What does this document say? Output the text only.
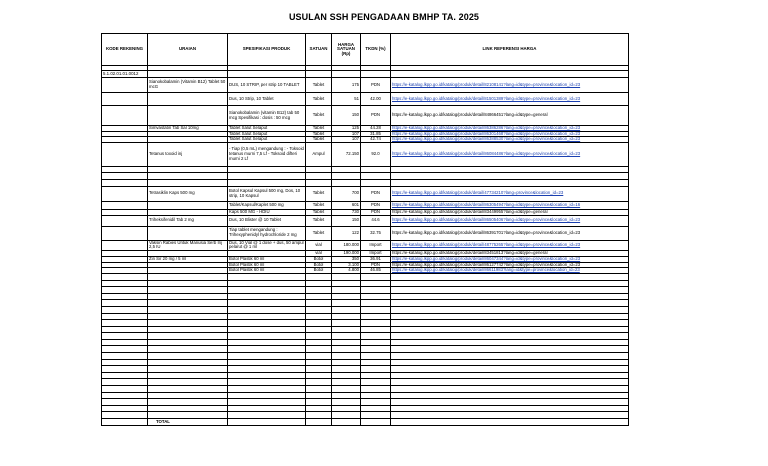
USULAN SSH PENGADAAN BMHP TA. 2025
KODE REKENING	URAIAN	SPESIFIKASI PRODUK	SATUAN	HARGA SATUAN (Rp)	TKDN (%)	LINK REFERENSI HARGA

5.1.02.01.01.0012						
	Sianokobalamin (Vitamin B12) Tablet 50 mcG	DUS, 10 STRIP, per strip 10 TABLET	Tablet	175	PDN	https://e-katalog.lkpp.go.id/katalog/produk/detail/82108141?lang=id&type=province&location_id=23
		Dus, 10 Strip, 10 Tablet	Tablet	51	42.00	https://e-katalog.lkpp.go.id/katalog/produk/detail/81501389?lang=id&type=province&location_id=23
		Sianokobalamin (vitamin B12) tab 50 mcg Spesifikasi : dosis : 50 mcg	Tablet	150	PDN	https://e-katalog.lkpp.go.id/katalog/produk/detail/84866451?lang=id&type=general
	Simvastatin Tab Sal 10mg	Tablet Salut Selaput	Tablet	125	44.28	https://e-katalog.lkpp.go.id/katalog/produk/detail/86386286?lang=id&type=province&location_id=23
		Tablet Salut Selaput	Tablet	107	31.85	https://e-katalog.lkpp.go.id/katalog/produk/detail/86301468?lang=id&type=province&location_id=23
		Tablet Salut Selaput	Tablet	107	42.74	https://e-katalog.lkpp.go.id/katalog/produk/detail/86388530?lang=id&type=province&location_id=23
	Tetanus toxoid inj	- Tiap (0,5 mL) mengandung : - Toksoid tetanus murni 7,5 Lf - Toksoid difteri murni 2 Lf	Ampul	72.150	92.0	https://e-katalog.lkpp.go.id/katalog/produk/detail/86084486?lang=id&type=province&location_id=23

	Tetrasiklin Kaps 500 mg	Botol Kapsul Kapsul 500 mg, Dos, 10 strip, 10 Kapsul	Tablet	700	PDN	https://e-katalog.lkpp.go.id/katalog/produk/detail/47734210?lang=province&location_id=23
		Tablet/Kapsul/Kaplet 500 mg	Tablet	601	PDN	https://e-katalog.lkpp.go.id/katalog/produk/detail/86305494?lang=id&type=province&location_id=16
		Kaps 500 MG - HDIU	Tablet	730	PDN	https://e-katalog.lkpp.go.id/katalog/produk/detail/83449955?lang=id&type=general
	Triheksifenidil Tab 2 mg	Dus, 10 Blister @ 10 Tablet	Tablet	150	44.6	https://e-katalog.lkpp.go.id/katalog/produk/detail/86505406?lang=id&type=province&location_id=23
		Tiap tablet mengandung : Trihexyphenidyl hydrochloride 2 mg	Tablet	122	32.75	https://e-katalog.lkpp.go.id/katalog/produk/detail/86391701?lang=id&type=province&location_id=23
	Vaksin Rabies Untuk Manusia Serb Inj 2,5 IU	Dus, 10 Vial @ 1 dose + dus, 50 ampul pelarut @ 1 ml	vial	180.000	Import	https://e-katalog.lkpp.go.id/katalog/produk/detail/48775265?lang=id&type=province&location_id=23
			vial	190.000	Import	https://e-katalog.lkpp.go.id/katalog/produk/detail/83451813?lang=id&type=general
	Zin Sir 20 mg / 5 ml	Botol Plastik 60 ml	Botol	350	36.91	https://e-katalog.lkpp.go.id/katalog/produk/detail/86047344?lang=id&type=province&location_id=23
		Botol Plastik 60 ml	Botol	3.100	PDN	https://e-katalog.lkpp.go.id/katalog/produk/detail/86127742?lang=id&type=province&location_id=23
		Botol Plastik 60 ml	Botol	4.800	46.85	https://e-katalog.lkpp.go.id/katalog/produk/detail/86611983?lang=id&type=province&location_id=23

	TOTAL					
